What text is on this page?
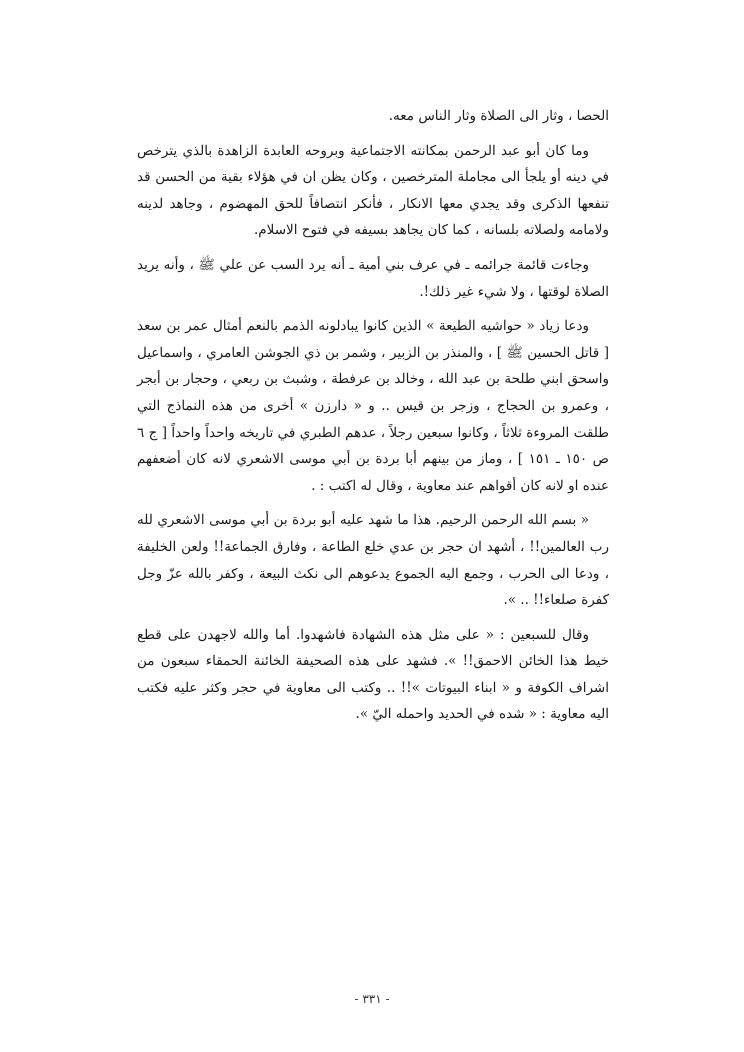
الحصا ، وثار الى الصلاة وثار الناس معه.

وما كان أبو عبد الرحمن بمكانته الاجتماعية وبروحه العابدة الزاهدة بالذي يترخص في دينه أو يلجأ الى مجاملة المترخصين ، وكان يظن ان في هؤلاء بقية من الحسن قد تنفعها الذكرى وقد يجدي معها الانكار ، فأنكر انتصافاً للحق المهضوم ، وجاهد لدينه ولامامه ولصلاته بلسانه ، كما كان يجاهد بسيفه في فتوح الاسلام.

وجاءت قائمة جرائمه ـ في عرف بني أمية ـ أنه يرد السب عن علي ﷺ ، وأنه يريد الصلاة لوقتها ، ولا شيء غير ذلك!.

ودعا زياد « حواشيه الطيعة » الذين كانوا يبادلونه الذمم بالنعم أمثال عمر بن سعد [ قاتل الحسين ﷺ ] ، والمنذر بن الزبير ، وشمر بن ذي الجوشن العامري ، واسماعيل واسحق ابني طلحة بن عبد الله ، وخالد بن عرفطة ، وشبث بن ربعي ، وحجار بن أبجر ، وعمرو بن الحجاج ، وزجر بن قيس .. و « دارزن » أخرى من هذه النماذج التي طلقت المروءة ثلاثاً ، وكانوا سبعين رجلاً ، عدهم الطبري في تاريخه واحداً واحداً [ ج ٦ ص ١٥٠ ـ ١٥١ ] ، وماز من بينهم أبا بردة بن أبي موسى الاشعري لانه كان أضعفهم عنده او لانه كان أقواهم عند معاوية ، وقال له اكتب : .

« بسم الله الرحمن الرحيم. هذا ما شهد عليه أبو بردة بن أبي موسى الاشعري لله رب العالمين!! ، أشهد ان حجر بن عدي خلع الطاعة ، وفارق الجماعة!! ولعن الخليفة ، ودعا الى الحرب ، وجمع اليه الجموع يدعوهم الى نكث البيعة ، وكفر بالله عزّ وجل كفرة صلعاء!! .. ».

وقال للسبعين : « على مثل هذه الشهادة فاشهدوا. أما والله لاجهدن على قطع خيط هذا الخائن الاحمق!! ». فشهد على هذه الصحيفة الخائنة الحمقاء سبعون من اشراف الكوفة و « ابناء البيوتات »!! .. وكتب الى معاوية في حجر وكثر عليه فكتب اليه معاوية : « شده في الحديد واحمله اليّ ».

- ٣٣١ -
